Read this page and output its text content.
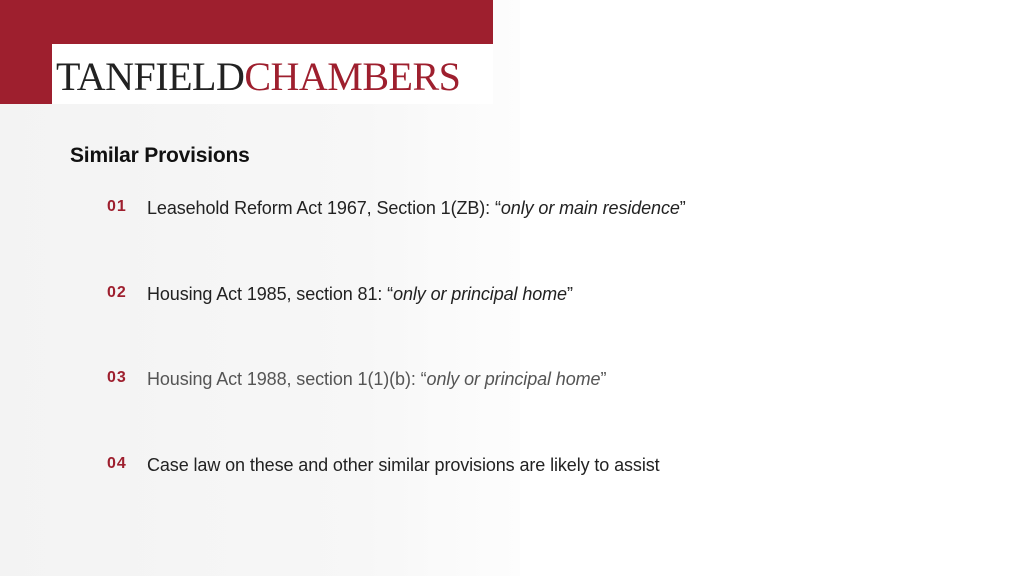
TANFIELDCHAMBERS
Similar Provisions
01	Leasehold Reform Act 1967, Section 1(ZB): “only or main residence”
02	Housing Act 1985, section 81: “only or principal home”
03	Housing Act 1988, section 1(1)(b): “only or principal home”
04	Case law on these and other similar provisions are likely to assist
